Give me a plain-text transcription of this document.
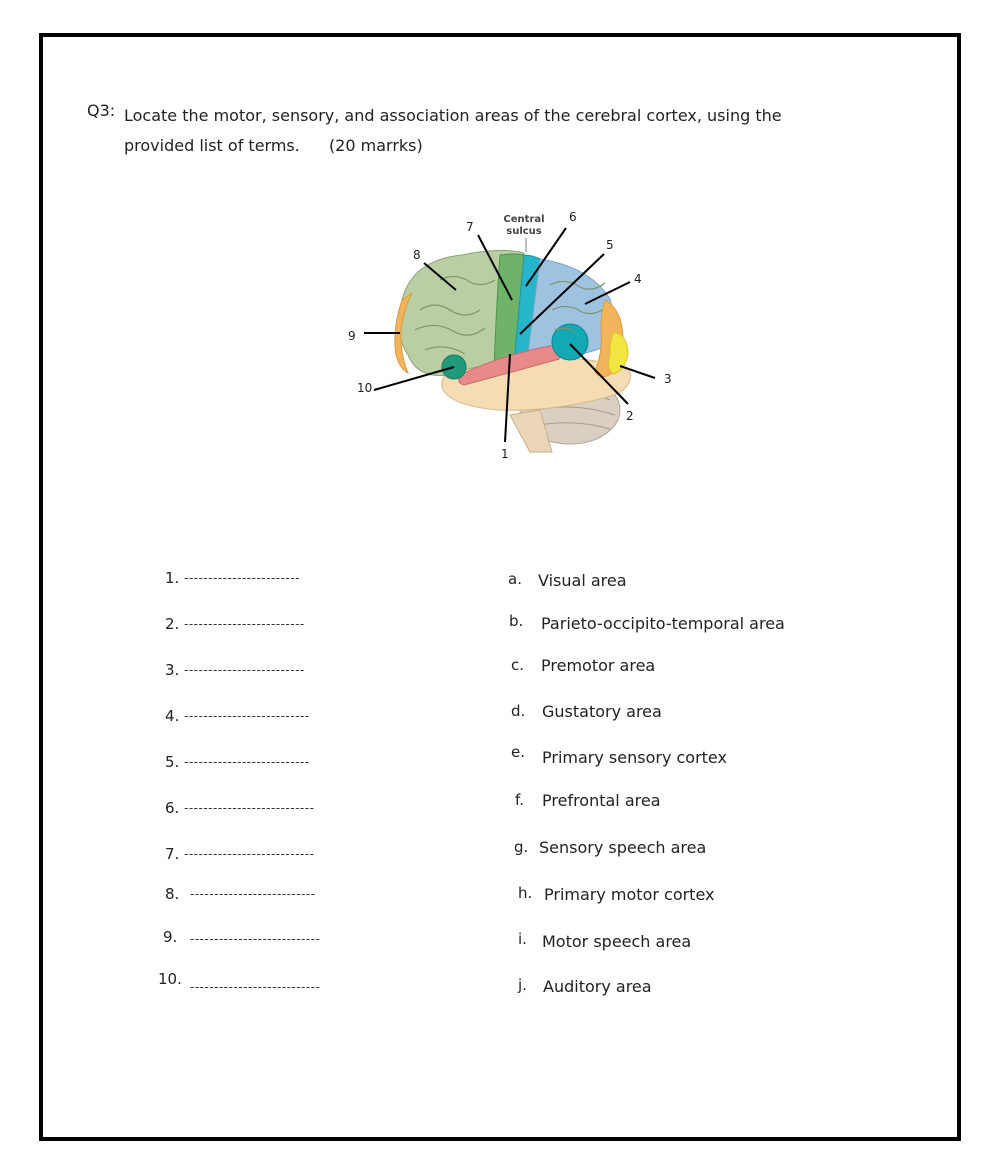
Q3: Locate the motor, sensory, and association areas of the cerebral cortex, using the provided list of terms. (20 marrks)
Central
sulcus
1
2
3
4
5
6
7
8
9
10
1. ------------------------
2. -------------------------
3. -------------------------
4. --------------------------
5. --------------------------
6. ---------------------------
7. ---------------------------
8. --------------------------
9. ---------------------------
10. ---------------------------
a. Visual area
b. Parieto-occipito-temporal area
c. Premotor area
d. Gustatory area
e. Primary sensory cortex
f. Prefrontal area
g. Sensory speech area
h. Primary motor cortex
i. Motor speech area
j. Auditory area
